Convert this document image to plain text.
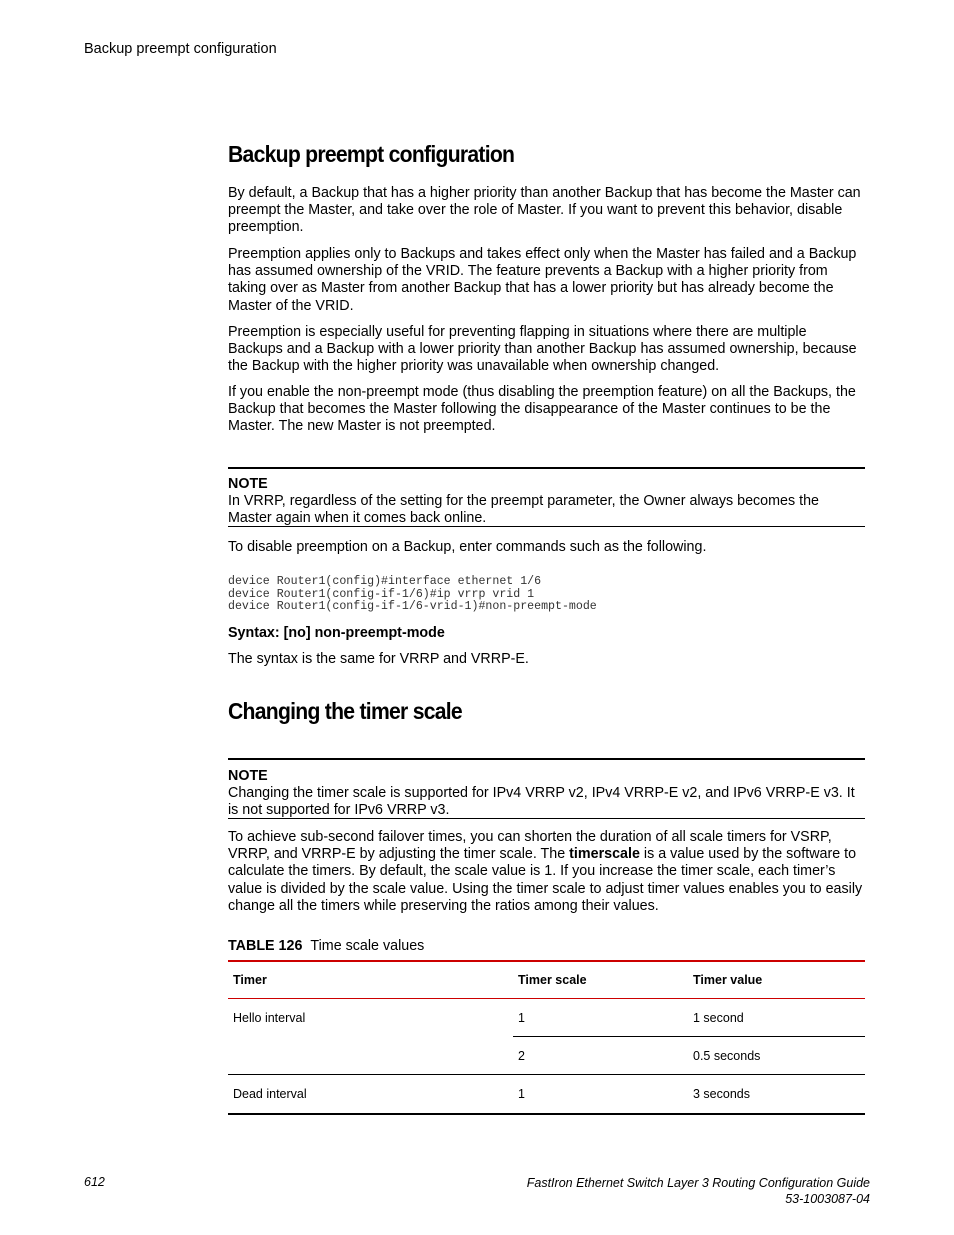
Backup preempt configuration
Backup preempt configuration

By default, a Backup that has a higher priority than another Backup that has become the Master can preempt the Master, and take over the role of Master. If you want to prevent this behavior, disable preemption.

Preemption applies only to Backups and takes effect only when the Master has failed and a Backup has assumed ownership of the VRID. The feature prevents a Backup with a higher priority from taking over as Master from another Backup that has a lower priority but has already become the Master of the VRID.

Preemption is especially useful for preventing flapping in situations where there are multiple Backups and a Backup with a lower priority than another Backup has assumed ownership, because the Backup with the higher priority was unavailable when ownership changed.

If you enable the non-preempt mode (thus disabling the preemption feature) on all the Backups, the Backup that becomes the Master following the disappearance of the Master continues to be the Master. The new Master is not preempted.

NOTE

In VRRP, regardless of the setting for the preempt parameter, the Owner always becomes the Master again when it comes back online.

To disable preemption on a Backup, enter commands such as the following.

device Router1(config)#interface ethernet 1/6
device Router1(config-if-1/6)#ip vrrp vrid 1
device Router1(config-if-1/6-vrid-1)#non-preempt-mode
Syntax: [no] non-preempt-mode

The syntax is the same for VRRP and VRRP-E.

Changing the timer scale
NOTE

Changing the timer scale is supported for IPv4 VRRP v2, IPv4 VRRP-E v2, and IPv6 VRRP-E v3. It is not supported for IPv6 VRRP v3.

To achieve sub-second failover times, you can shorten the duration of all scale timers for VSRP, VRRP, and VRRP-E by adjusting the timer scale. The timerscale is a value used by the software to calculate the timers. By default, the scale value is 1. If you increase the timer scale, each timer’s value is divided by the scale value. Using the timer scale to adjust timer values enables you to easily change all the timers while preserving the ratios among their values.

TABLE 126 Time scale values
Timer	Timer scale	Timer value
Hello interval	1	1 second
	2	0.5 seconds
Dead interval	1	3 seconds
612	FastIron Ethernet Switch Layer 3 Routing Configuration Guide
53-1003087-04
